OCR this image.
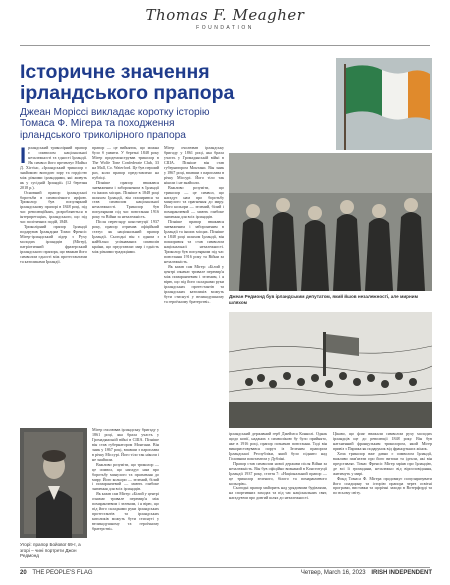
Thomas F. Meagher
FOUNDATION
Історичне значення ірландського прапора
Джеан Моріссі викладає коротку історію
Томаса Ф. Мігера та походження
ірландського триколірного прапора
І рландський триколірний прапор є символом національної незалежності та єдності Ірландії. Як символ його презентує Майкл Д. Хіггінс, «Ірландський триколор є знайомою вигодою зору та гордістю між різними ірландцями, які живуть як у сусідній Ірландії» (12 березня 2018 р.).

Основний прапор ірландської боротьби в символічного ирфою. Триколор був популярний ірландському прапорі в 1848 році, під час революційних, розробляються в інтерпретаціях, ірландського, що під час політичних подій, 1848.

Триколірний прапор Ірландії подарував Ірландцям Томас Френсіс Мігер-ірландський лідер з Руху молодих ірландців (Мігер), патріотичний фразерський ірландського прапора, що вважав його символом єдності між протестантами та католиками Ірландії.

прапор — це вийняток, що можна було б уявити. У березні 1848 року Мігер продемонстрував триколор в The Wolfe Tone Confederate Club, 33 на Mall, Co. Waterford. Це був перший раз, коли прапор представлено на публіці.

Пізніше прапор вважався зневаженим і забороненим в Ірландії та інших місцях. Пізніше в 1848 році шляхом Ірландії, він поширився та став символом національної незалежності. Триколор був популярним під час повстання 1916 року та Війни за незалежність.

Після перегляду конституції 1937 року, прапор отримав офіційний статус як національний прапор Ірландії. Сьогодні він є одним з найбільш упізнаваних символів країни, що представляє мир і єдність між різними традиціями.

Угорі: прапор Бойової 69-ї, а згорі – чині портрети Джон Редмонд

Мігер очолював ірландську бригаду у 1861 році, яка брала участь у Громадянській війні в США. Пізніше він став губернатором Монтани. Він зник у 1867 році, впавши з пароплава в річку Міссурі. Його тіло так ніколи і не знайшли.

Важливо розуміти, що триколор — це символ, що нагадує нам про боротьбу минулого та прагнення до миру. Його кольори — зелений, білий і помаранчевий — мають глибоке значення для всіх ірландців.

Як казав сам Мігер: «Білий у центрі означає тривале перемир'я між помаранчевим і зеленим, і я вірю, що під його складками руки ірландських протестантів та ірландських католиків можуть бути стиснуті у великодушному та героїчному братерстві».

Мігер очолював ірландську бригаду у 1861 році, яка брала участь у Громадянській війні в США. Пізніше він став губернатором Монтани. Він зник у 1867 році, впавши з пароплава в річку Міссурі. Його тіло так ніколи і не знайшли.

Важливо розуміти, що триколор — це символ, що нагадує нам про боротьбу минулого та прагнення до миру. Його кольори — зелений, білий і помаранчевий — мають глибоке значення для всіх ірландців.

Пізніше прапор вважався зневаженим і забороненим в Ірландії та інших місцях. Пізніше в 1848 році шляхом Ірландії, він поширився та став символом національної незалежності. Триколор був популярним під час повстання 1916 року та Війни за незалежність.

Як казав сам Мігер: «Білий у центрі означає тривале перемир'я між помаранчевим і зеленим, і я вірю, що під його складками руки ірландських протестантів та ірландських католиків можуть бути стиснуті у великодушному та героїчному братерстві».

Джеан Редмонд був ірландським депутатом, який йшов незалежності, але мирним шляхом

ірландський державний герб Джеймса Коннолі. Однак щодо копії, наданих з символікою бу було прийнято, яке в 1916 році, прапор позначав повстання. Тоді він використовувався поруч із Зеленим прапором Ірландської Республіки, який було піднято над Головним поштамтом у Дубліні.

Прапор став символом нової держави після Війни за незалежність. Він був офіційно визнаний в Конституції Ірландії 1937 року, стаття 7: «Національний прапор — це триколор зеленого, білого та помаранчевого кольорів».

Сьогодні прапор майорить над урядовими будівлями, на спортивних заходах та під час національних свят, нагадуючи про довгий шлях до незалежності.

Цікаво, що флаг вважали символом руху молодих ірландців ще до революції 1848 року. Він був натхненний французьким триколором, який Мігер привіз з Парижа як подарунок від французьких жінок.

Хоча триколор вже давно є символом Ірландії, важливо пам'ятати про його витоки та ідеали, які він представляє. Томас Френсіс Мігер мріяв про Ірландію, де всі її громадяни, незалежно від віросповідання, житимуть у мирі.

Фонд Томаса Ф. Мігера продовжує популяризувати його спадщину та історію прапора через освітні програми, виставки та щорічні заходи в Вотерфорді та по всьому світу.

20 THE PEOPLE'S FLAG	Четвер, March 16, 2023 IRISH INDEPENDENT
